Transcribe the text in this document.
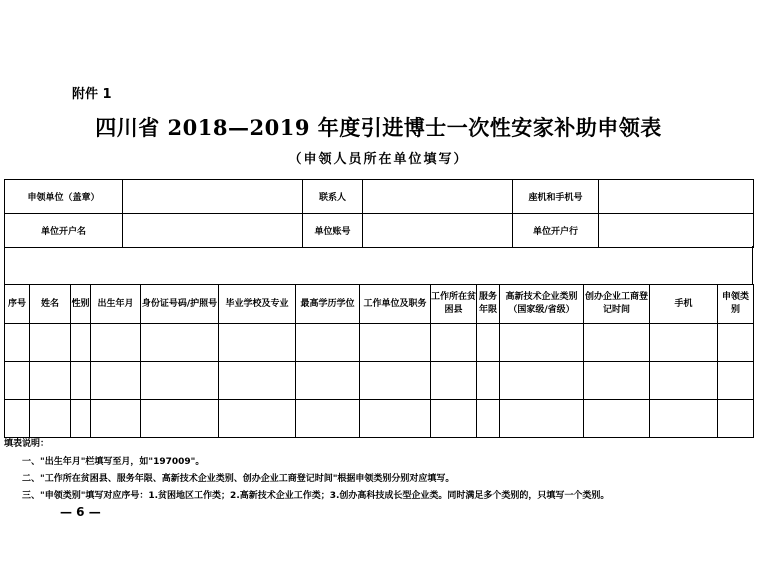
附件 1
四川省 2018—2019 年度引进博士一次性安家补助申领表
（申领人员所在单位填写）
申领单位（盖章）		联系人		座机和手机号	
单位开户名		单位账号		单位开户行	
序号	姓名	性别	出生年月	身份证号码/护照号	毕业学校及专业	最高学历学位	工作单位及职务	工作所在贫困县	服务年限	高新技术企业类别（国家级/省级）	创办企业工商登记时间	手机	申领类别

填表说明：
一、"出生年月"栏填写至月，如"197009"。
二、"工作所在贫困县、服务年限、高新技术企业类别、创办企业工商登记时间"根据申领类别分别对应填写。
三、"申领类别"填写对应序号：1.贫困地区工作类；2.高新技术企业工作类；3.创办高科技成长型企业类。同时满足多个类别的，只填写一个类别。
— 6 —
